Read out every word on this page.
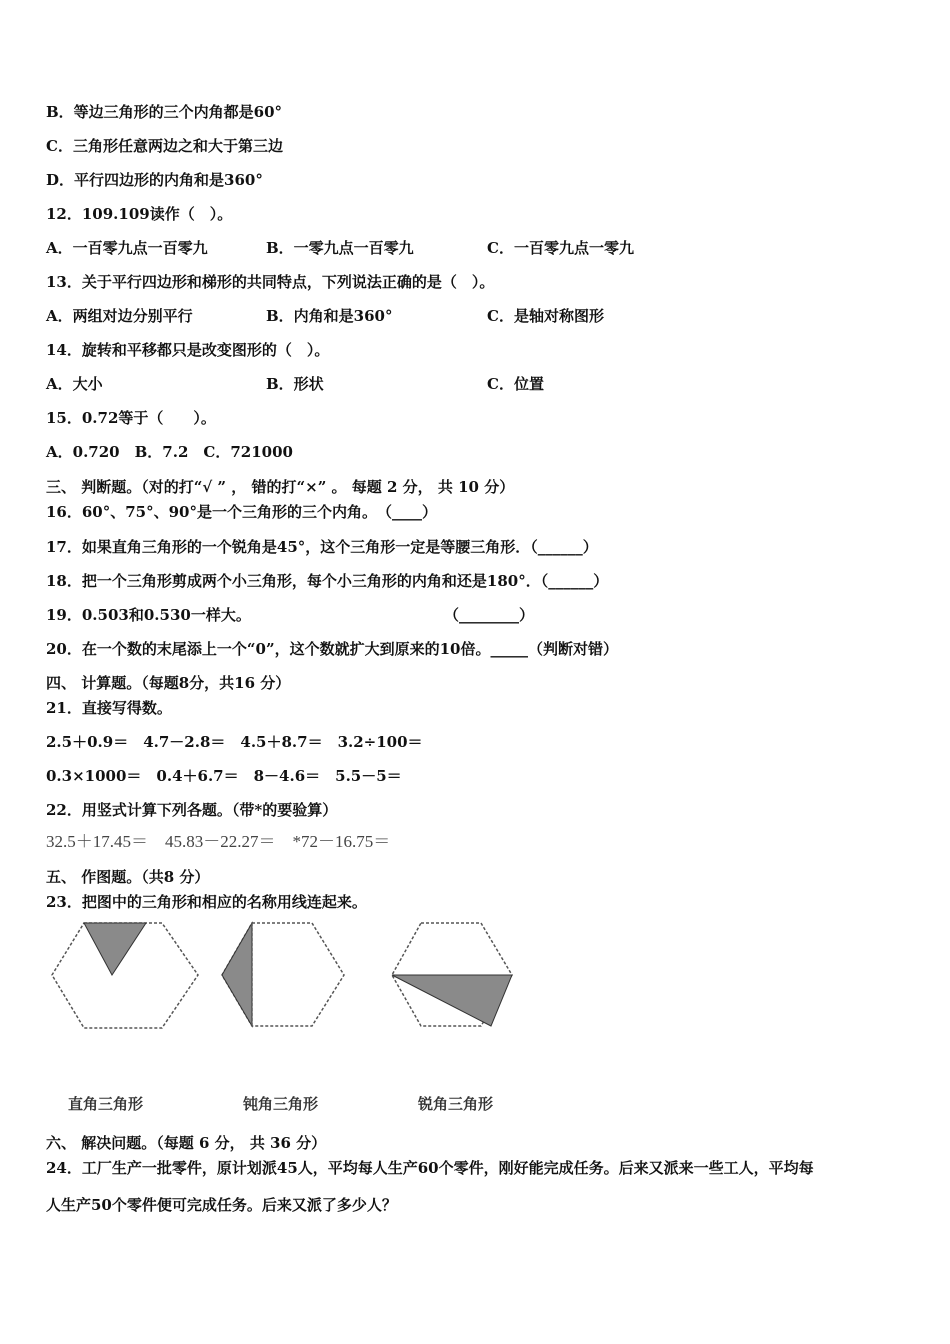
B．等边三角形的三个内角都是60°
C．三角形任意两边之和大于第三边
D．平行四边形的内角和是360°
12．109.109读作（　）。
A．一百零九点一百零九	B．一零九点一百零九	C．一百零九点一零九
13．关于平行四边形和梯形的共同特点，下列说法正确的是（　）。
A．两组对边分别平行	B．内角和是360°	C．是轴对称图形
14．旋转和平移都只是改变图形的（　）。
A．大小	B．形状	C．位置
15．0.72等于（　　）。
A．0.720　B．7.2　C．721000
三、 判断题。（对的打“√ ” ， 错的打“×” 。 每题 2 分， 共 10 分）
16．60°、75°、90°是一个三角形的三个内角。　（____）
17．如果直角三角形的一个锐角是45°，这个三角形一定是等腰三角形．（______）
18．把一个三角形剪成两个小三角形，每个小三角形的内角和还是180°．（______）
19．0.503和0.530一样大。	（________）
20．在一个数的末尾添上一个“0”，这个数就扩大到原来的10倍。_____（判断对错）
四、 计算题。（每题8分，共16 分）
21．直接写得数。
2.5＋0.9＝　4.7－2.8＝　4.5＋8.7＝　3.2÷100＝
0.3×1000＝　0.4＋6.7＝　8－4.6＝　5.5－5＝
22．用竖式计算下列各题。（带*的要验算）
32.5＋17.45＝　45.83－22.27＝　*72－16.75＝
五、 作图题。（共8 分）
23．把图中的三角形和相应的名称用线连起来。
直角三角形	钝角三角形	锐角三角形
六、 解决问题。（每题 6 分， 共 36 分）
24．工厂生产一批零件，原计划派45人，平均每人生产60个零件，刚好能完成任务。后来又派来一些工人，平均每
人生产50个零件便可完成任务。后来又派了多少人？
